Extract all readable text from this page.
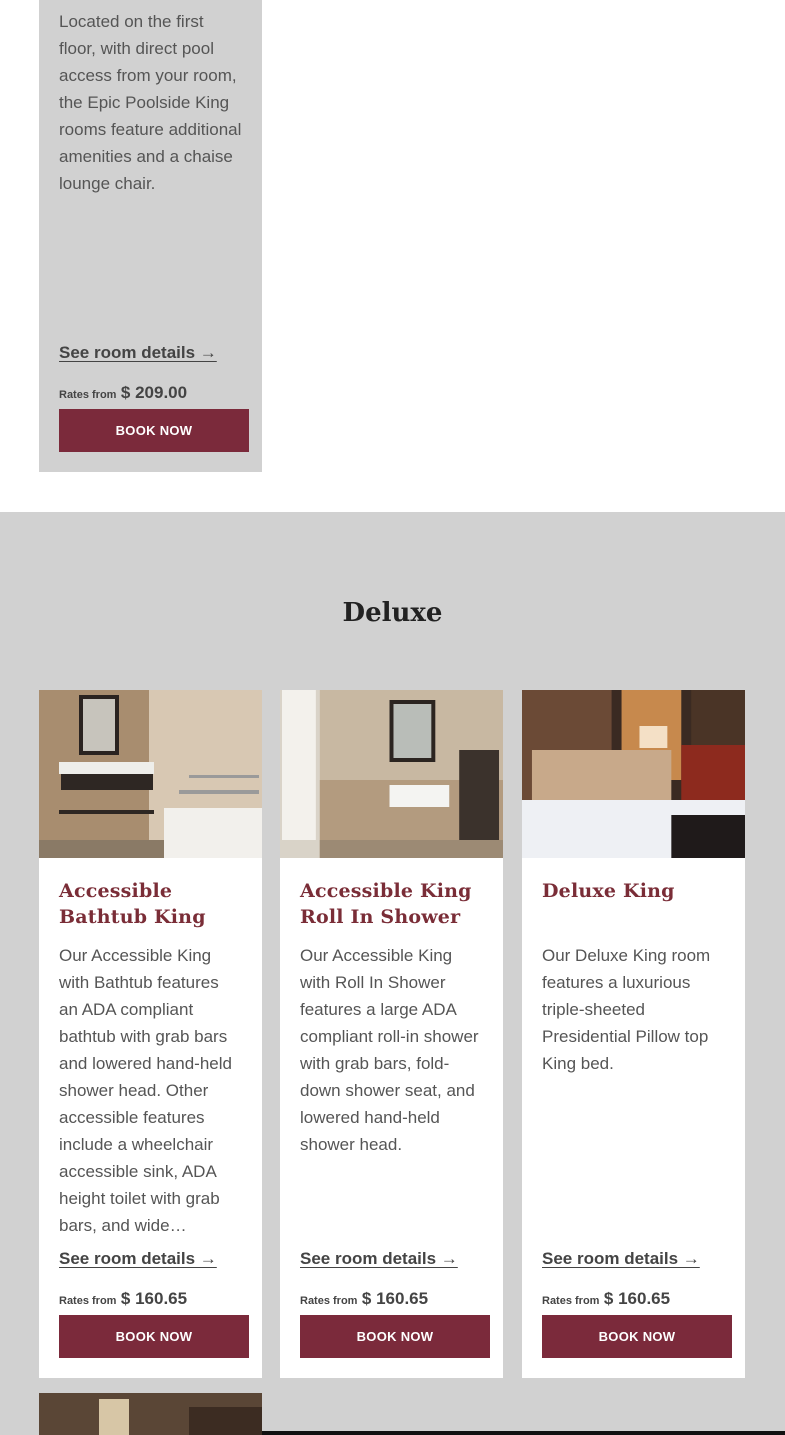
Located on the first floor, with direct pool access from your room, the Epic Poolside King rooms feature additional amenities and a chaise lounge chair.

See room details →
Rates from $ 209.00
BOOK NOW
Deluxe
Accessible Bathtub King

Our Accessible King with Bathtub features an ADA compliant bathtub with grab bars and lowered hand-held shower head. Other accessible features include a wheelchair accessible sink, ADA height toilet with grab bars, and wide…

See room details →
Rates from $ 160.65
BOOK NOW
Accessible King Roll In Shower

Our Accessible King with Roll In Shower features a large ADA compliant roll-in shower with grab bars, fold-down shower seat, and lowered hand-held shower head.

See room details →
Rates from $ 160.65
BOOK NOW
Deluxe King

Our Deluxe King room features a luxurious triple-sheeted Presidential Pillow top King bed.

See room details →
Rates from $ 160.65
BOOK NOW
